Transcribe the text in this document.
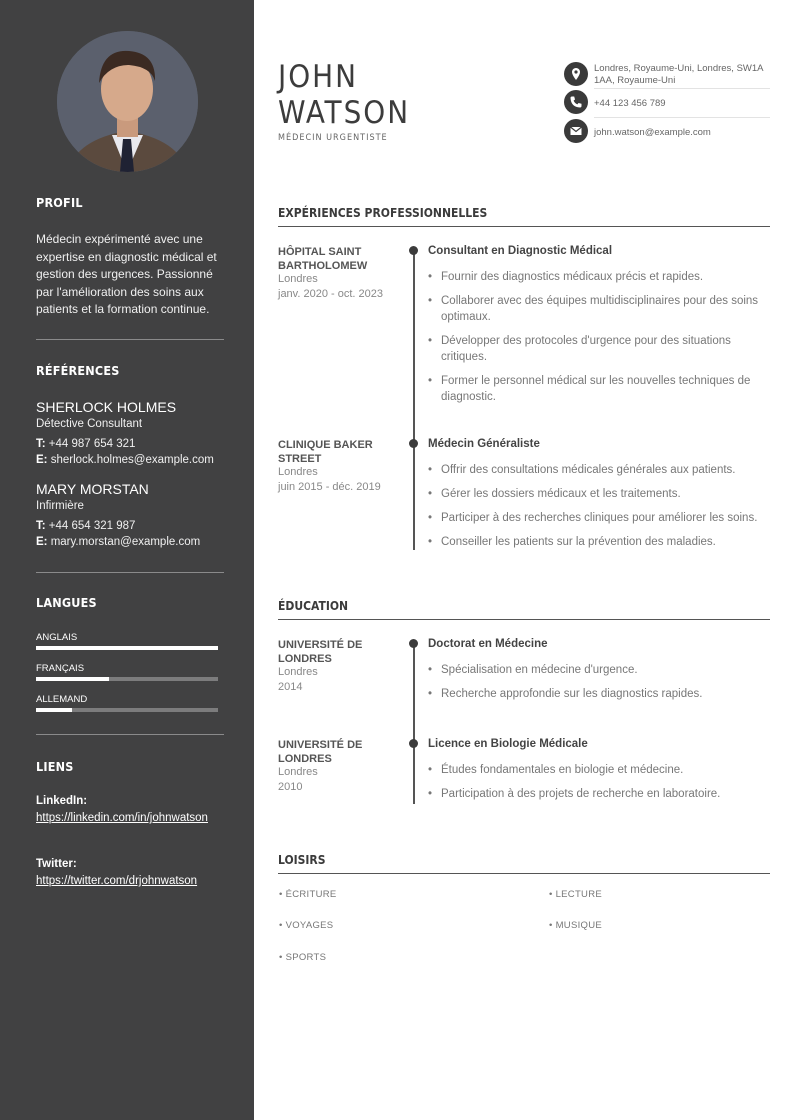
PROFIL
Médecin expérimenté avec une expertise en diagnostic médical et gestion des urgences. Passionné par l'amélioration des soins aux patients et la formation continue.
RÉFÉRENCES
SHERLOCK HOLMES
Détective Consultant
T: +44 987 654 321
E: sherlock.holmes@example.com
MARY MORSTAN
Infirmière
T: +44 654 321 987
E: mary.morstan@example.com
LANGUES
ANGLAIS
FRANÇAIS
ALLEMAND
LIENS
LinkedIn:
https://linkedin.com/in/johnwatson
Twitter:
https://twitter.com/drjohnwatson
JOHN
WATSON
MÉDECIN URGENTISTE
Londres, Royaume-Uni, Londres, SW1A 1AA, Royaume-Uni
+44 123 456 789
john.watson@example.com
EXPÉRIENCES PROFESSIONNELLES
HÔPITAL SAINT BARTHOLOMEW
Londres
janv. 2020 - oct. 2023
Consultant en Diagnostic Médical
• Fournir des diagnostics médicaux précis et rapides.
• Collaborer avec des équipes multidisciplinaires pour des soins optimaux.
• Développer des protocoles d'urgence pour des situations critiques.
• Former le personnel médical sur les nouvelles techniques de diagnostic.
CLINIQUE BAKER STREET
Londres
juin 2015 - déc. 2019
Médecin Généraliste
• Offrir des consultations médicales générales aux patients.
• Gérer les dossiers médicaux et les traitements.
• Participer à des recherches cliniques pour améliorer les soins.
• Conseiller les patients sur la prévention des maladies.
ÉDUCATION
UNIVERSITÉ DE LONDRES
Londres
2014
Doctorat en Médecine
• Spécialisation en médecine d'urgence.
• Recherche approfondie sur les diagnostics rapides.
UNIVERSITÉ DE LONDRES
Londres
2010
Licence en Biologie Médicale
• Études fondamentales en biologie et médecine.
• Participation à des projets de recherche en laboratoire.
LOISIRS
• ÉCRITURE	• LECTURE
• VOYAGES	• MUSIQUE
• SPORTS
